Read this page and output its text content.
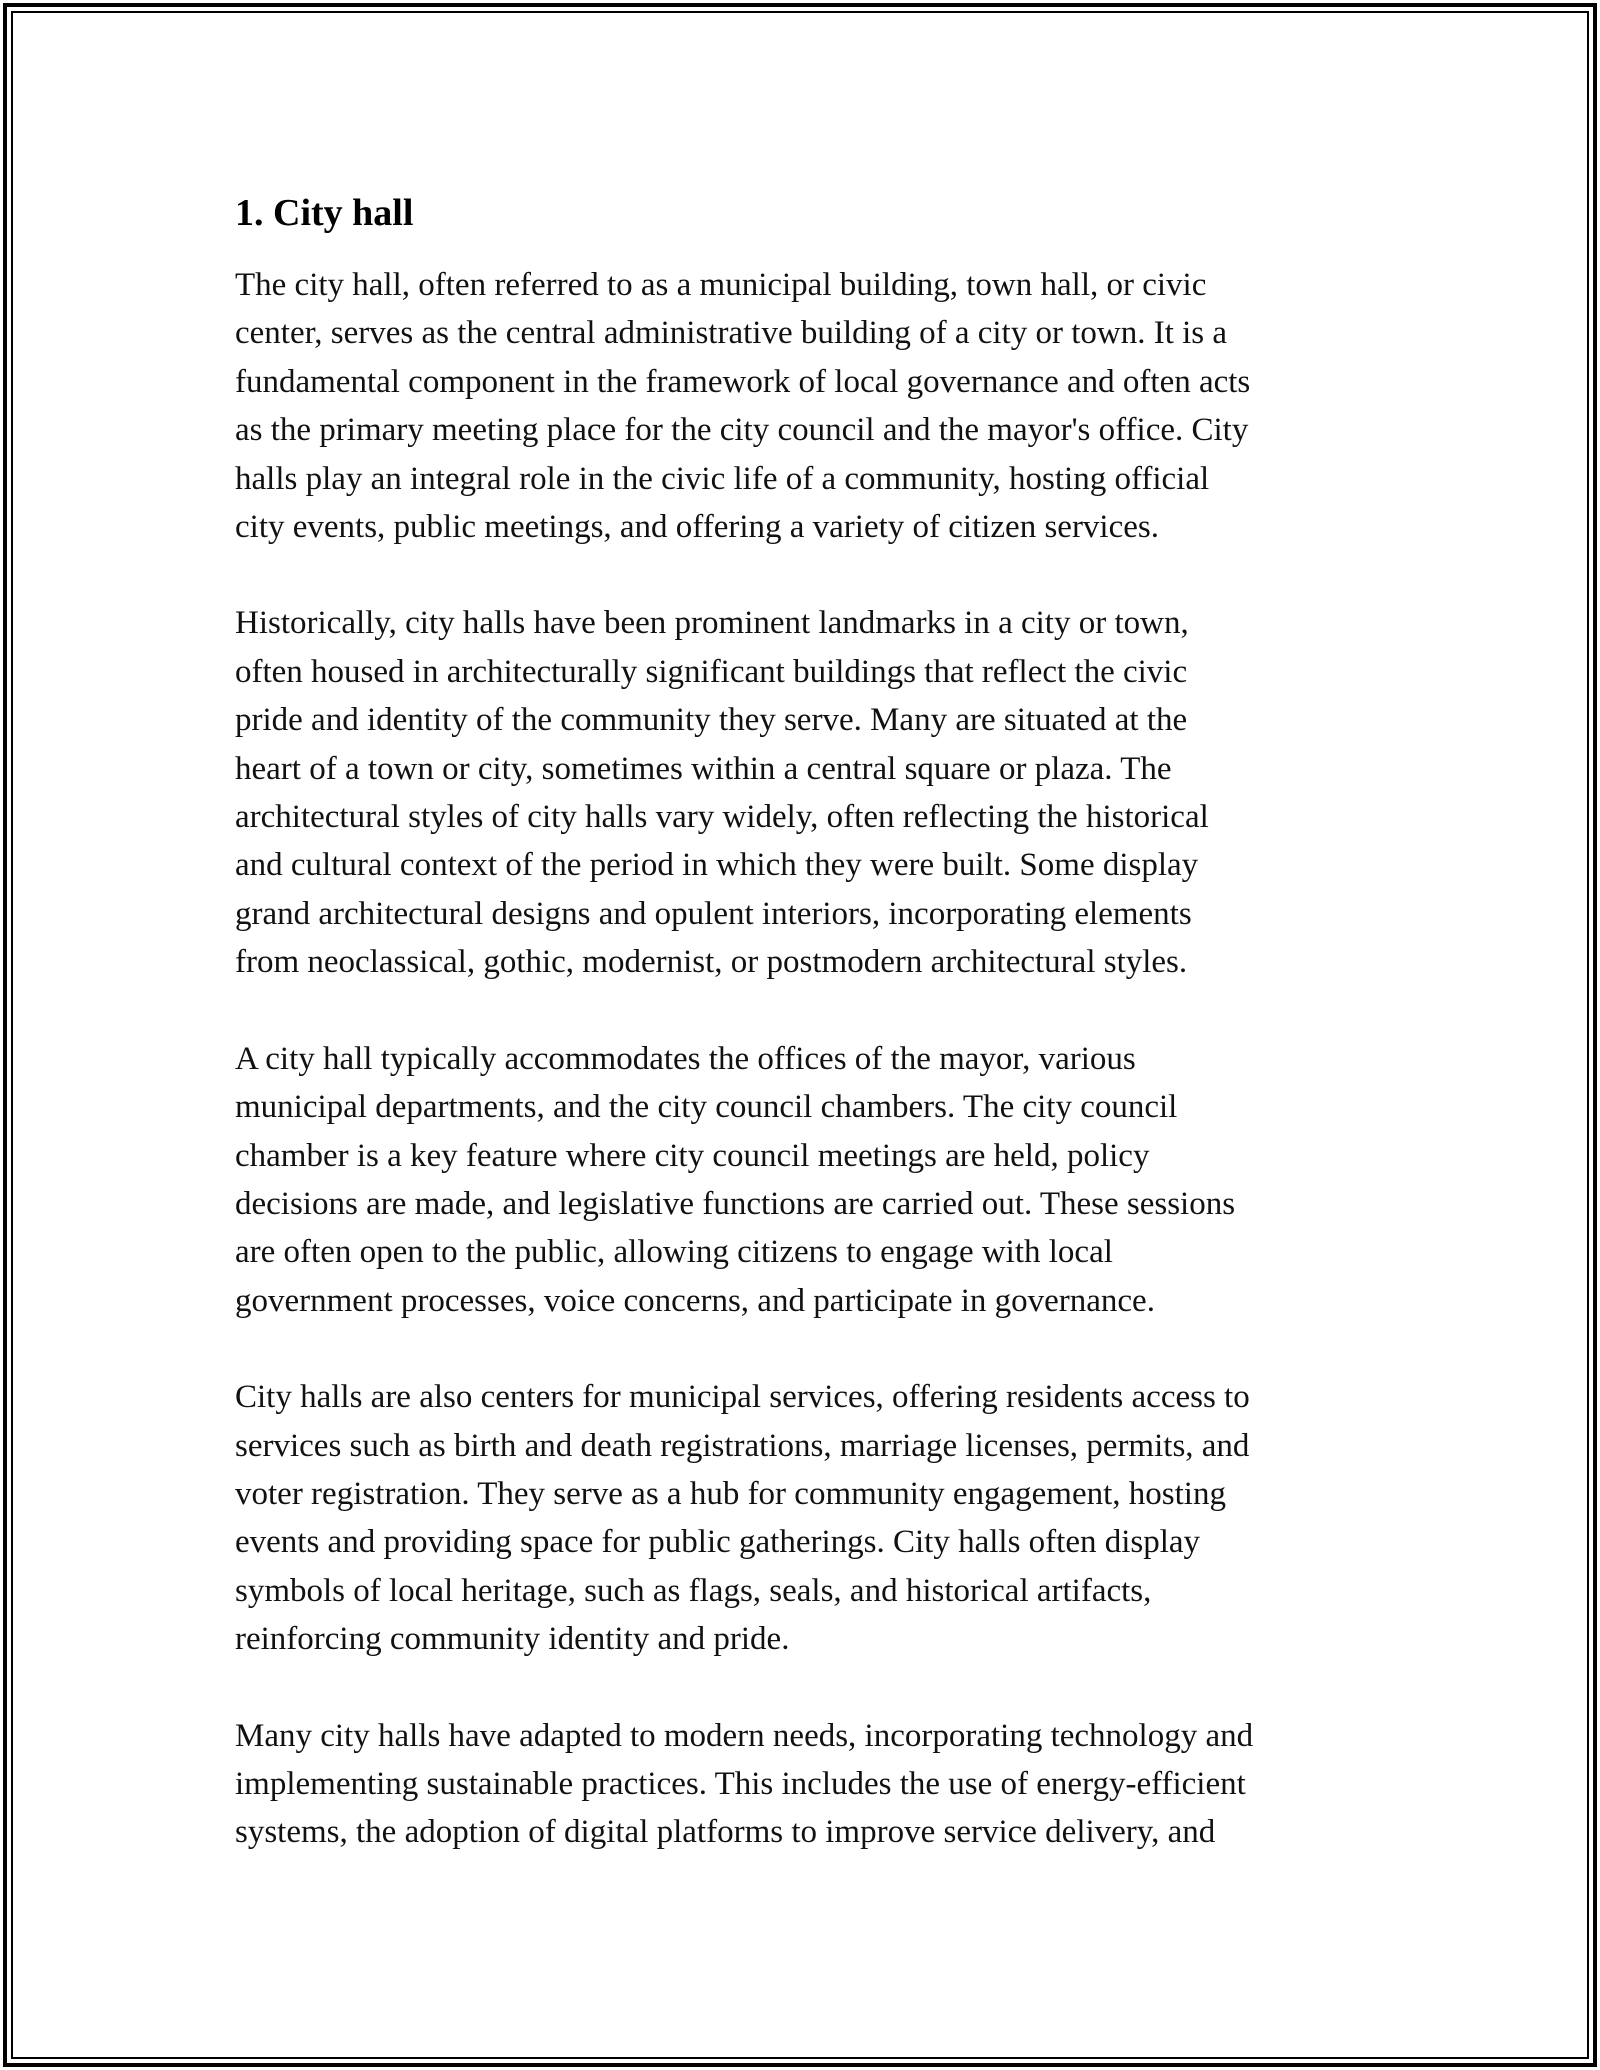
1. City hall

The city hall, often referred to as a municipal building, town hall, or civic
center, serves as the central administrative building of a city or town. It is a
fundamental component in the framework of local governance and often acts
as the primary meeting place for the city council and the mayor's office. City
halls play an integral role in the civic life of a community, hosting official
city events, public meetings, and offering a variety of citizen services.

Historically, city halls have been prominent landmarks in a city or town,
often housed in architecturally significant buildings that reflect the civic
pride and identity of the community they serve. Many are situated at the
heart of a town or city, sometimes within a central square or plaza. The
architectural styles of city halls vary widely, often reflecting the historical
and cultural context of the period in which they were built. Some display
grand architectural designs and opulent interiors, incorporating elements
from neoclassical, gothic, modernist, or postmodern architectural styles.

A city hall typically accommodates the offices of the mayor, various
municipal departments, and the city council chambers. The city council
chamber is a key feature where city council meetings are held, policy
decisions are made, and legislative functions are carried out. These sessions
are often open to the public, allowing citizens to engage with local
government processes, voice concerns, and participate in governance.

City halls are also centers for municipal services, offering residents access to
services such as birth and death registrations, marriage licenses, permits, and
voter registration. They serve as a hub for community engagement, hosting
events and providing space for public gatherings. City halls often display
symbols of local heritage, such as flags, seals, and historical artifacts,
reinforcing community identity and pride.

Many city halls have adapted to modern needs, incorporating technology and
implementing sustainable practices. This includes the use of energy-efficient
systems, the adoption of digital platforms to improve service delivery, and
